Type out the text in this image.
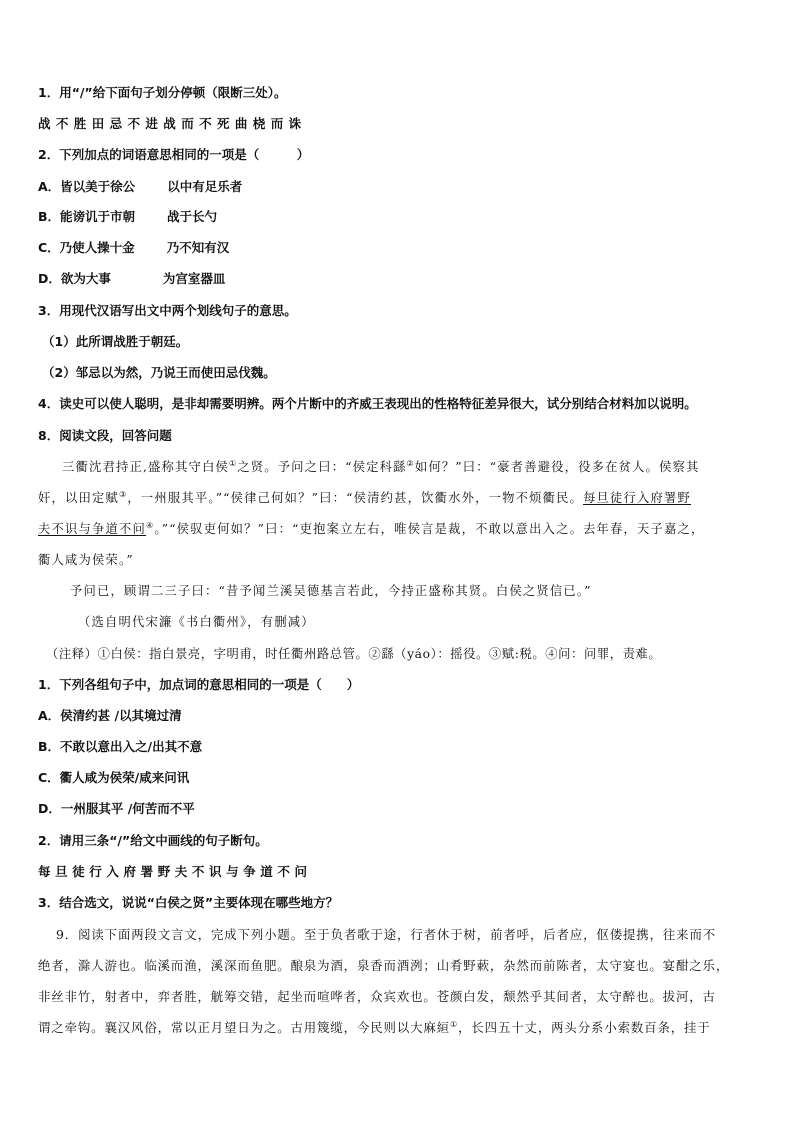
1．用“/”给下面句子划分停顿（限断三处）。
战不胜田忌不进战而不死曲桡而诛
2．下列加点的词语意思相同的一项是（　　　）
A．皆以美于徐公	以中有足乐者
B．能谤讥于市朝	战于长勺
C．乃使人操十金	乃不知有汉
D．欲为大事	为宫室器皿
3．用现代汉语写出文中两个划线句子的意思。
（1）此所谓战胜于朝廷。
（2）邹忌以为然，乃说王而使田忌伐魏。
4．读史可以使人聪明，是非却需要明辨。两个片断中的齐威王表现出的性格特征差异很大，试分别结合材料加以说明。
8．阅读文段，回答问题
三衢沈君持正,盛称其守白侯①之贤。予问之曰：“侯定科繇②如何？”曰：“豪者善避役，役多在贫人。侯察其
奸，以田定赋③，一州服其平。”“侯律己何如？”曰：“侯清约甚，饮衢水外，一物不烦衢民。每旦徒行入府署野
夫不识与争道不问④。”“侯驭吏何如？”曰：“吏抱案立左右，唯侯言是裁，不敢以意出入之。去年春，天子嘉之，
衢人咸为侯荣。”
予问已，顾谓二三子曰：“昔予闻兰溪吴德基言若此，今持正盛称其贤。白侯之贤信已。”
（选自明代宋濂《书白衢州》，有删减）
（注释）①白侯：指白景亮，字明甫，时任衢州路总管。②繇（yáo）：摇役。③赋:税。④问：问罪，责难。
1．下列各组句子中，加点词的意思相同的一项是（　　）
A．侯清约甚 /以其境过清
B．不敢以意出入之/出其不意
C．衢人咸为侯荣/咸来问讯
D．一州服其平 /何苦而不平
2．请用三条“/”给文中画线的句子断句。
每旦徒行入府署野夫不识与争道不问
3．结合选文，说说“白侯之贤”主要体现在哪些地方？
9．阅读下面两段文言文，完成下列小题。至于负者歌于途，行者休于树，前者呼，后者应，伛偻提携，往来而不
绝者，滁人游也。临溪而渔，溪深而鱼肥。酿泉为酒，泉香而酒洌；山肴野蔌，杂然而前陈者，太守宴也。宴酣之乐，
非丝非竹，射者中，弈者胜，觥筹交错，起坐而喧哗者，众宾欢也。苍颜白发，颓然乎其间者，太守醉也。拔河，古
谓之牵钩。襄汉风俗，常以正月望日为之。古用篾缆，今民则以大麻絙①，长四五十丈，两头分系小索数百条，挂于
